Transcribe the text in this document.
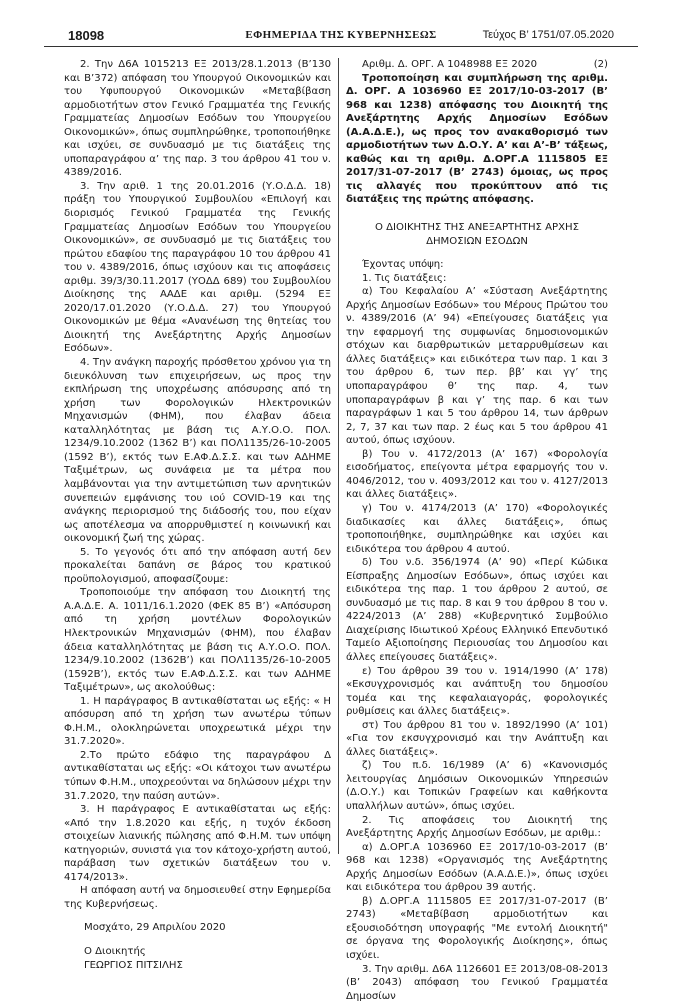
18098	ΕΦΗΜΕΡΙΔΑ ΤΗΣ ΚΥΒΕΡΝΗΣΕΩΣ	Τεύχος Β’ 1751/07.05.2020

2. Την Δ6Α 1015213 ΕΞ 2013/28.1.2013 (Β’130 και Β’372) απόφαση του Υπουργού Οικονομικών και του Υφυπουργού Οικονομικών «Μεταβίβαση αρμοδιοτήτων στον Γενικό Γραμματέα της Γενικής Γραμματείας Δημοσίων Εσόδων του Υπουργείου Οικονομικών», όπως συμπληρώθηκε, τροποποιήθηκε και ισχύει, σε συνδυασμό με τις διατάξεις της υποπαραγράφου α’ της παρ. 3 του άρθρου 41 του ν. 4389/2016.

3. Την αριθ. 1 της 20.01.2016 (Υ.Ο.Δ.Δ. 18) πράξη του Υπουργικού Συμβουλίου «Επιλογή και διορισμός Γενικού Γραμματέα της Γενικής Γραμματείας Δημοσίων Εσόδων του Υπουργείου Οικονομικών», σε συνδυασμό με τις διατάξεις του πρώτου εδαφίου της παραγράφου 10 του άρθρου 41 του ν. 4389/2016, όπως ισχύουν και τις αποφάσεις αριθμ. 39/3/30.11.2017 (ΥΟΔΔ 689) του Συμβουλίου Διοίκησης της ΑΑΔΕ και αριθμ. (5294 ΕΞ 2020/17.01.2020 (Υ.Ο.Δ.Δ. 27) του Υπουργού Οικονομικών με θέμα «Ανανέωση της θητείας του Διοικητή της Ανεξάρτητης Αρχής Δημοσίων Εσόδων».

4. Την ανάγκη παροχής πρόσθετου χρόνου για τη διευκόλυνση των επιχειρήσεων, ως προς την εκπλήρωση της υποχρέωσης απόσυρσης από τη χρήση των Φορολογικών Ηλεκτρονικών Μηχανισμών (ΦΗΜ), που έλαβαν άδεια καταλληλότητας με βάση τις Α.Υ.Ο.Ο. ΠΟΛ. 1234/9.10.2002 (1362 Β’) και ΠΟΛ1135/26-10-2005 (1592 Β’), εκτός των Ε.ΑΦ.Δ.Σ.Σ. και των ΑΔΗΜΕ Ταξιμέτρων, ως συνάφεια με τα μέτρα που λαμβάνονται για την αντιμετώπιση των αρνητικών συνεπειών εμφάνισης του ιού COVID-19 και της ανάγκης περιορισμού της διάδοσής του, που είχαν ως αποτέλεσμα να απορρυθμιστεί η κοινωνική και οικονομική ζωή της χώρας.

5. Το γεγονός ότι από την απόφαση αυτή δεν προκαλείται δαπάνη σε βάρος του κρατικού προϋπολογισμού, αποφασίζουμε:

Τροποποιούμε την απόφαση του Διοικητή της Α.Α.Δ.Ε. Α. 1011/16.1.2020 (ΦΕΚ 85 Β’) «Απόσυρση από τη χρήση μοντέλων Φορολογικών Ηλεκτρονικών Μηχανισμών (ΦΗΜ), που έλαβαν άδεια καταλληλότητας με βάση τις Α.Υ.Ο.Ο. ΠΟΛ. 1234/9.10.2002 (1362Β’) και ΠΟΛ1135/26-10-2005 (1592Β’), εκτός των Ε.ΑΦ.Δ.Σ.Σ. και των ΑΔΗΜΕ Ταξιμέτρων», ως ακολούθως:

1. Η παράγραφος Β αντικαθίσταται ως εξής: « Η απόσυρση από τη χρήση των ανωτέρω τύπων Φ.Η.Μ., ολοκληρώνεται υποχρεωτικά μέχρι την 31.7.2020».

2.Το πρώτο εδάφιο της παραγράφου Δ αντικαθίσταται ως εξής: «Οι κάτοχοι των ανωτέρω τύπων Φ.Η.Μ., υποχρεούνται να δηλώσουν μέχρι την 31.7.2020, την παύση αυτών».

3. Η παράγραφος Ε αντικαθίσταται ως εξής: «Από την 1.8.2020 και εξής, η τυχόν έκδοση στοιχείων λιανικής πώλησης από Φ.Η.Μ. των υπόψη κατηγοριών, συνιστά για τον κάτοχο-χρήστη αυτού, παράβαση των σχετικών διατάξεων του ν. 4174/2013».

Η απόφαση αυτή να δημοσιευθεί στην Εφημερίδα της Κυβερνήσεως.

Μοσχάτο, 29 Απριλίου 2020

Ο Διοικητής

ΓΕΩΡΓΙΟΣ ΠΙΤΣΙΛΗΣ

Αριθμ. Δ. ΟΡΓ. Α 1048988 ΕΞ 2020	(2)

Τροποποίηση και συμπλήρωση της αριθμ. Δ. ΟΡΓ. Α 1036960 ΕΞ 2017/10-03-2017 (Β’ 968 και 1238) απόφασης του Διοικητή της Ανεξάρτητης Αρχής Δημοσίων Εσόδων (Α.Α.Δ.Ε.), ως προς τον ανακαθορισμό των αρμοδιοτήτων των Δ.Ο.Υ. Α’ και Α’-Β’ τάξεως, καθώς και τη αριθμ. Δ.ΟΡΓ.Α 1115805 ΕΞ 2017/31-07-2017 (Β’ 2743) όμοιας, ως προς τις αλλαγές που προκύπτουν από τις διατάξεις της πρώτης απόφασης.

Ο ΔΙΟΙΚΗΤΗΣ ΤΗΣ ΑΝΕΞΑΡΤΗΤΗΣ ΑΡΧΗΣ
ΔΗΜΟΣΙΩΝ ΕΣΟΔΩΝ

Έχοντας υπόψη:

1. Τις διατάξεις:

α) Του Κεφαλαίου Α’ «Σύσταση Ανεξάρτητης Αρχής Δημοσίων Εσόδων» του Μέρους Πρώτου του ν. 4389/2016 (Α’ 94) «Επείγουσες διατάξεις για την εφαρμογή της συμφωνίας δημοσιονομικών στόχων και διαρθρωτικών μεταρρυθμίσεων και άλλες διατάξεις» και ειδικότερα των παρ. 1 και 3 του άρθρου 6, των περ. ββ’ και γγ’ της υποπαραγράφου θ’ της παρ. 4, των υποπαραγράφων β και γ’ της παρ. 6 και των παραγράφων 1 και 5 του άρθρου 14, των άρθρων 2, 7, 37 και των παρ. 2 έως και 5 του άρθρου 41 αυτού, όπως ισχύουν.

β) Του ν. 4172/2013 (Α’ 167) «Φορολογία εισοδήματος, επείγοντα μέτρα εφαρμογής του ν. 4046/2012, του ν. 4093/2012 και του ν. 4127/2013 και άλλες διατάξεις».

γ) Του ν. 4174/2013 (Α’ 170) «Φορολογικές διαδικασίες και άλλες διατάξεις», όπως τροποποιήθηκε, συμπληρώθηκε και ισχύει και ειδικότερα του άρθρου 4 αυτού.

δ) Του ν.δ. 356/1974 (Α’ 90) «Περί Κώδικα Είσπραξης Δημοσίων Εσόδων», όπως ισχύει και ειδικότερα της παρ. 1 του άρθρου 2 αυτού, σε συνδυασμό με τις παρ. 8 και 9 του άρθρου 8 του ν. 4224/2013 (Α’ 288) «Κυβερνητικό Συμβούλιο Διαχείρισης Ιδιωτικού Χρέους Ελληνικό Επενδυτικό Ταμείο Αξιοποίησης Περιουσίας του Δημοσίου και άλλες επείγουσες διατάξεις».

ε) Του άρθρου 39 του ν. 1914/1990 (Α’ 178) «Εκσυγχρονισμός και ανάπτυξη του δημοσίου τομέα και της κεφαλαιαγοράς, φορολογικές ρυθμίσεις και άλλες διατάξεις».

στ) Του άρθρου 81 του ν. 1892/1990 (Α’ 101) «Για τον εκσυγχρονισμό και την Ανάπτυξη και άλλες διατάξεις».

ζ) Του π.δ. 16/1989 (Α’ 6) «Κανονισμός λειτουργίας Δημόσιων Οικονομικών Υπηρεσιών (Δ.Ο.Υ.) και Τοπικών Γραφείων και καθήκοντα υπαλλήλων αυτών», όπως ισχύει.

2. Τις αποφάσεις του Διοικητή της Ανεξάρτητης Αρχής Δημοσίων Εσόδων, με αριθμ.:

α) Δ.ΟΡΓ.Α 1036960 ΕΞ 2017/10-03-2017 (Β’ 968 και 1238) «Οργανισμός της Ανεξάρτητης Αρχής Δημοσίων Εσόδων (Α.Α.Δ.Ε.)», όπως ισχύει και ειδικότερα του άρθρου 39 αυτής.

β) Δ.ΟΡΓ.Α 1115805 ΕΞ 2017/31-07-2017 (Β’ 2743) «Μεταβίβαση αρμοδιοτήτων και εξουσιοδότηση υπογραφής "Με εντολή Διοικητή" σε όργανα της Φορολογικής Διοίκησης», όπως ισχύει.

3. Την αριθμ. Δ6Α 1126601 ΕΞ 2013/08-08-2013 (Β’ 2043) απόφαση του Γενικού Γραμματέα Δημοσίων
